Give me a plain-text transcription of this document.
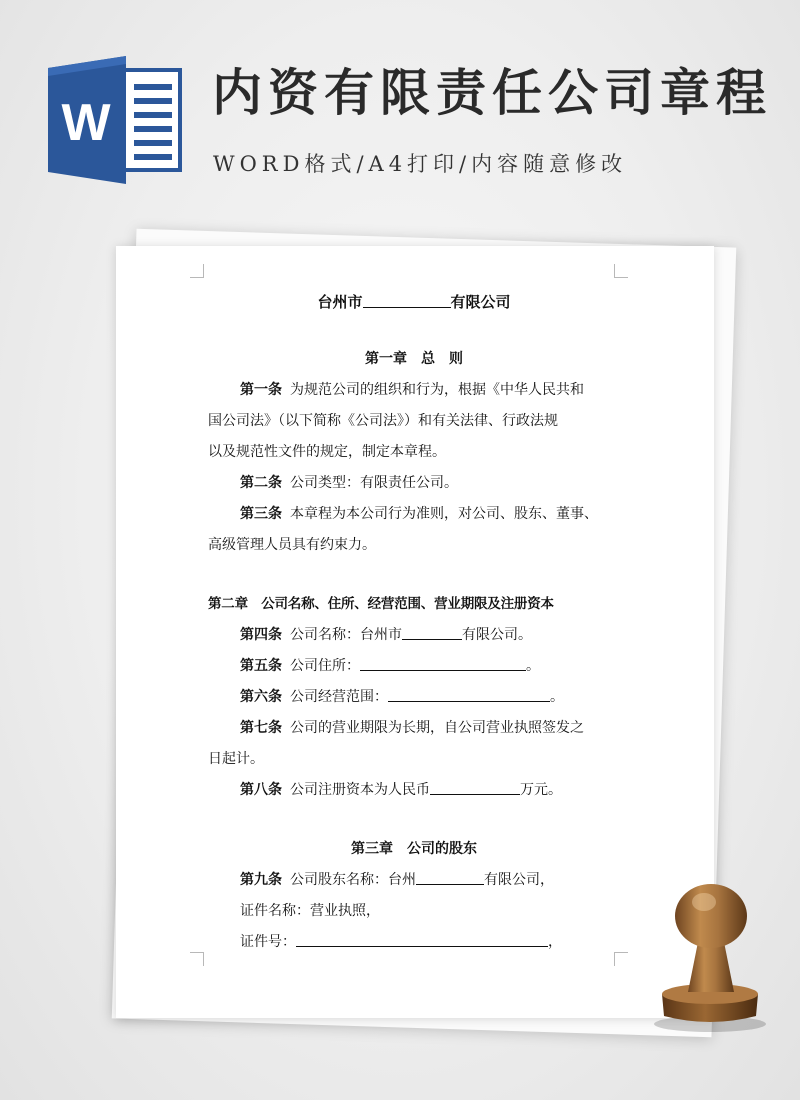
W
内资有限责任公司章程
WORD格式/A4打印/内容随意修改
台州市	有限公司
第一章　总　则
第一条 为规范公司的组织和行为，根据《中华人民共和
国公司法》（以下简称《公司法》）和有关法律、行政法规
以及规范性文件的规定，制定本章程。
第二条 公司类型：有限责任公司。
第三条 本章程为本公司行为准则，对公司、股东、董事、
高级管理人员具有约束力。
第二章　公司名称、住所、经营范围、营业期限及注册资本
第四条 公司名称：台州市	有限公司。
第五条 公司住所：	。
第六条 公司经营范围：	。
第七条 公司的营业期限为长期，自公司营业执照签发之
日起计。
第八条 公司注册资本为人民币	万元。
第三章　公司的股东
第九条 公司股东名称：台州	有限公司，
证件名称：营业执照，
证件号：	，
